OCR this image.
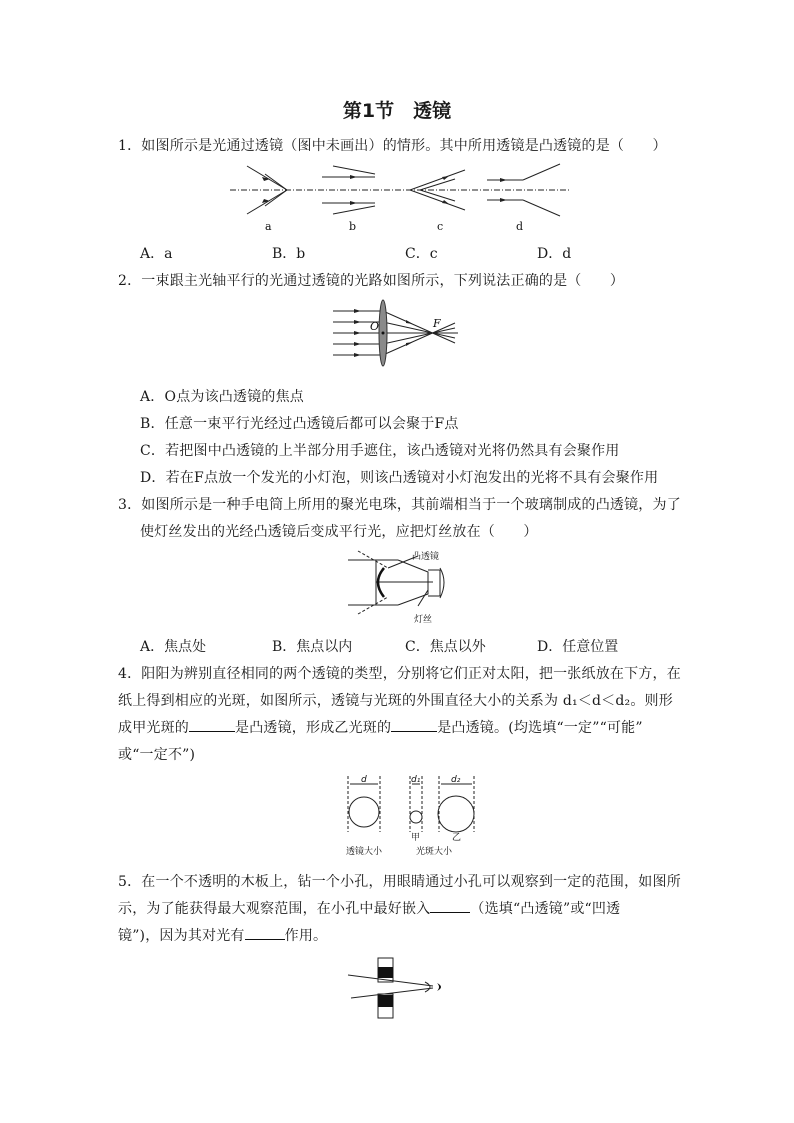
第1节　透镜
1．如图所示是光通过透镜（图中未画出）的情形。其中所用透镜是凸透镜的是（　　）
a	b	c	d
A．a	B．b	C．c	D．d
2．一束跟主光轴平行的光通过透镜的光路如图所示，下列说法正确的是（　　）
O	F
A．O点为该凸透镜的焦点
B．任意一束平行光经过凸透镜后都可以会聚于F点
C．若把图中凸透镜的上半部分用手遮住，该凸透镜对光将仍然具有会聚作用
D．若在F点放一个发光的小灯泡，则该凸透镜对小灯泡发出的光将不具有会聚作用
3．如图所示是一种手电筒上所用的聚光电珠，其前端相当于一个玻璃制成的凸透镜，为了
使灯丝发出的光经凸透镜后变成平行光，应把灯丝放在（　　）
凸透镜
灯丝
A．焦点处	B．焦点以内	C．焦点以外	D．任意位置
4．阳阳为辨别直径相同的两个透镜的类型，分别将它们正对太阳，把一张纸放在下方，在
纸上得到相应的光斑，如图所示，透镜与光斑的外围直径大小的关系为 d₁＜d＜d₂。则形
成甲光斑的	是凸透镜，形成乙光斑的	是凸透镜。(均选填“一定”“可能”
或“一定不”)
d	d₁	d₂
甲	乙
透镜大小	光斑大小
5．在一个不透明的木板上，钻一个小孔，用眼睛通过小孔可以观察到一定的范围，如图所
示，为了能获得最大观察范围，在小孔中最好嵌入	（选填“凸透镜”或“凹透
镜”)，因为其对光有	作用。
